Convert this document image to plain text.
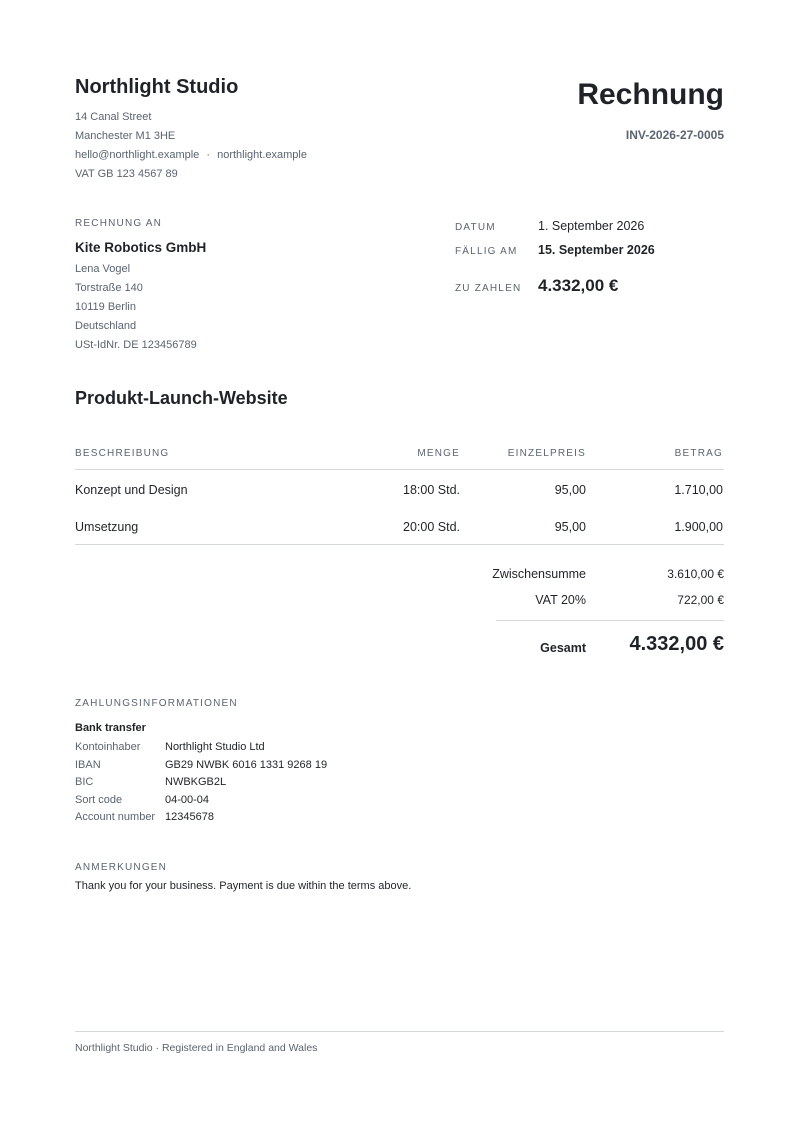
Northlight Studio
14 Canal Street
Manchester M1 3HE
hello@northlight.example · northlight.example
VAT GB 123 4567 89
Rechnung
INV-2026-27-0005
RECHNUNG AN
Kite Robotics GmbH
Lena Vogel
Torstraße 140
10119 Berlin
Deutschland
USt-IdNr. DE 123456789
DATUM	1. September 2026
FÄLLIG AM 15. September 2026
ZU ZAHLEN 4.332,00 €
Produkt-Launch-Website
BESCHREIBUNG	MENGE	EINZELPREIS	BETRAG
Konzept und Design	18:00 Std.	95,00	1.710,00
Umsetzung	20:00 Std.	95,00	1.900,00
Zwischensumme	3.610,00 €
VAT 20%	722,00 €
Gesamt 4.332,00 €
ZAHLUNGSINFORMATIONEN
Bank transfer
Kontoinhaber Northlight Studio Ltd
IBAN	GB29 NWBK 6016 1331 9268 19
BIC	NWBKGB2L
Sort code	04-00-04
Account number 12345678
ANMERKUNGEN
Thank you for your business. Payment is due within the terms above.
Northlight Studio · Registered in England and Wales
